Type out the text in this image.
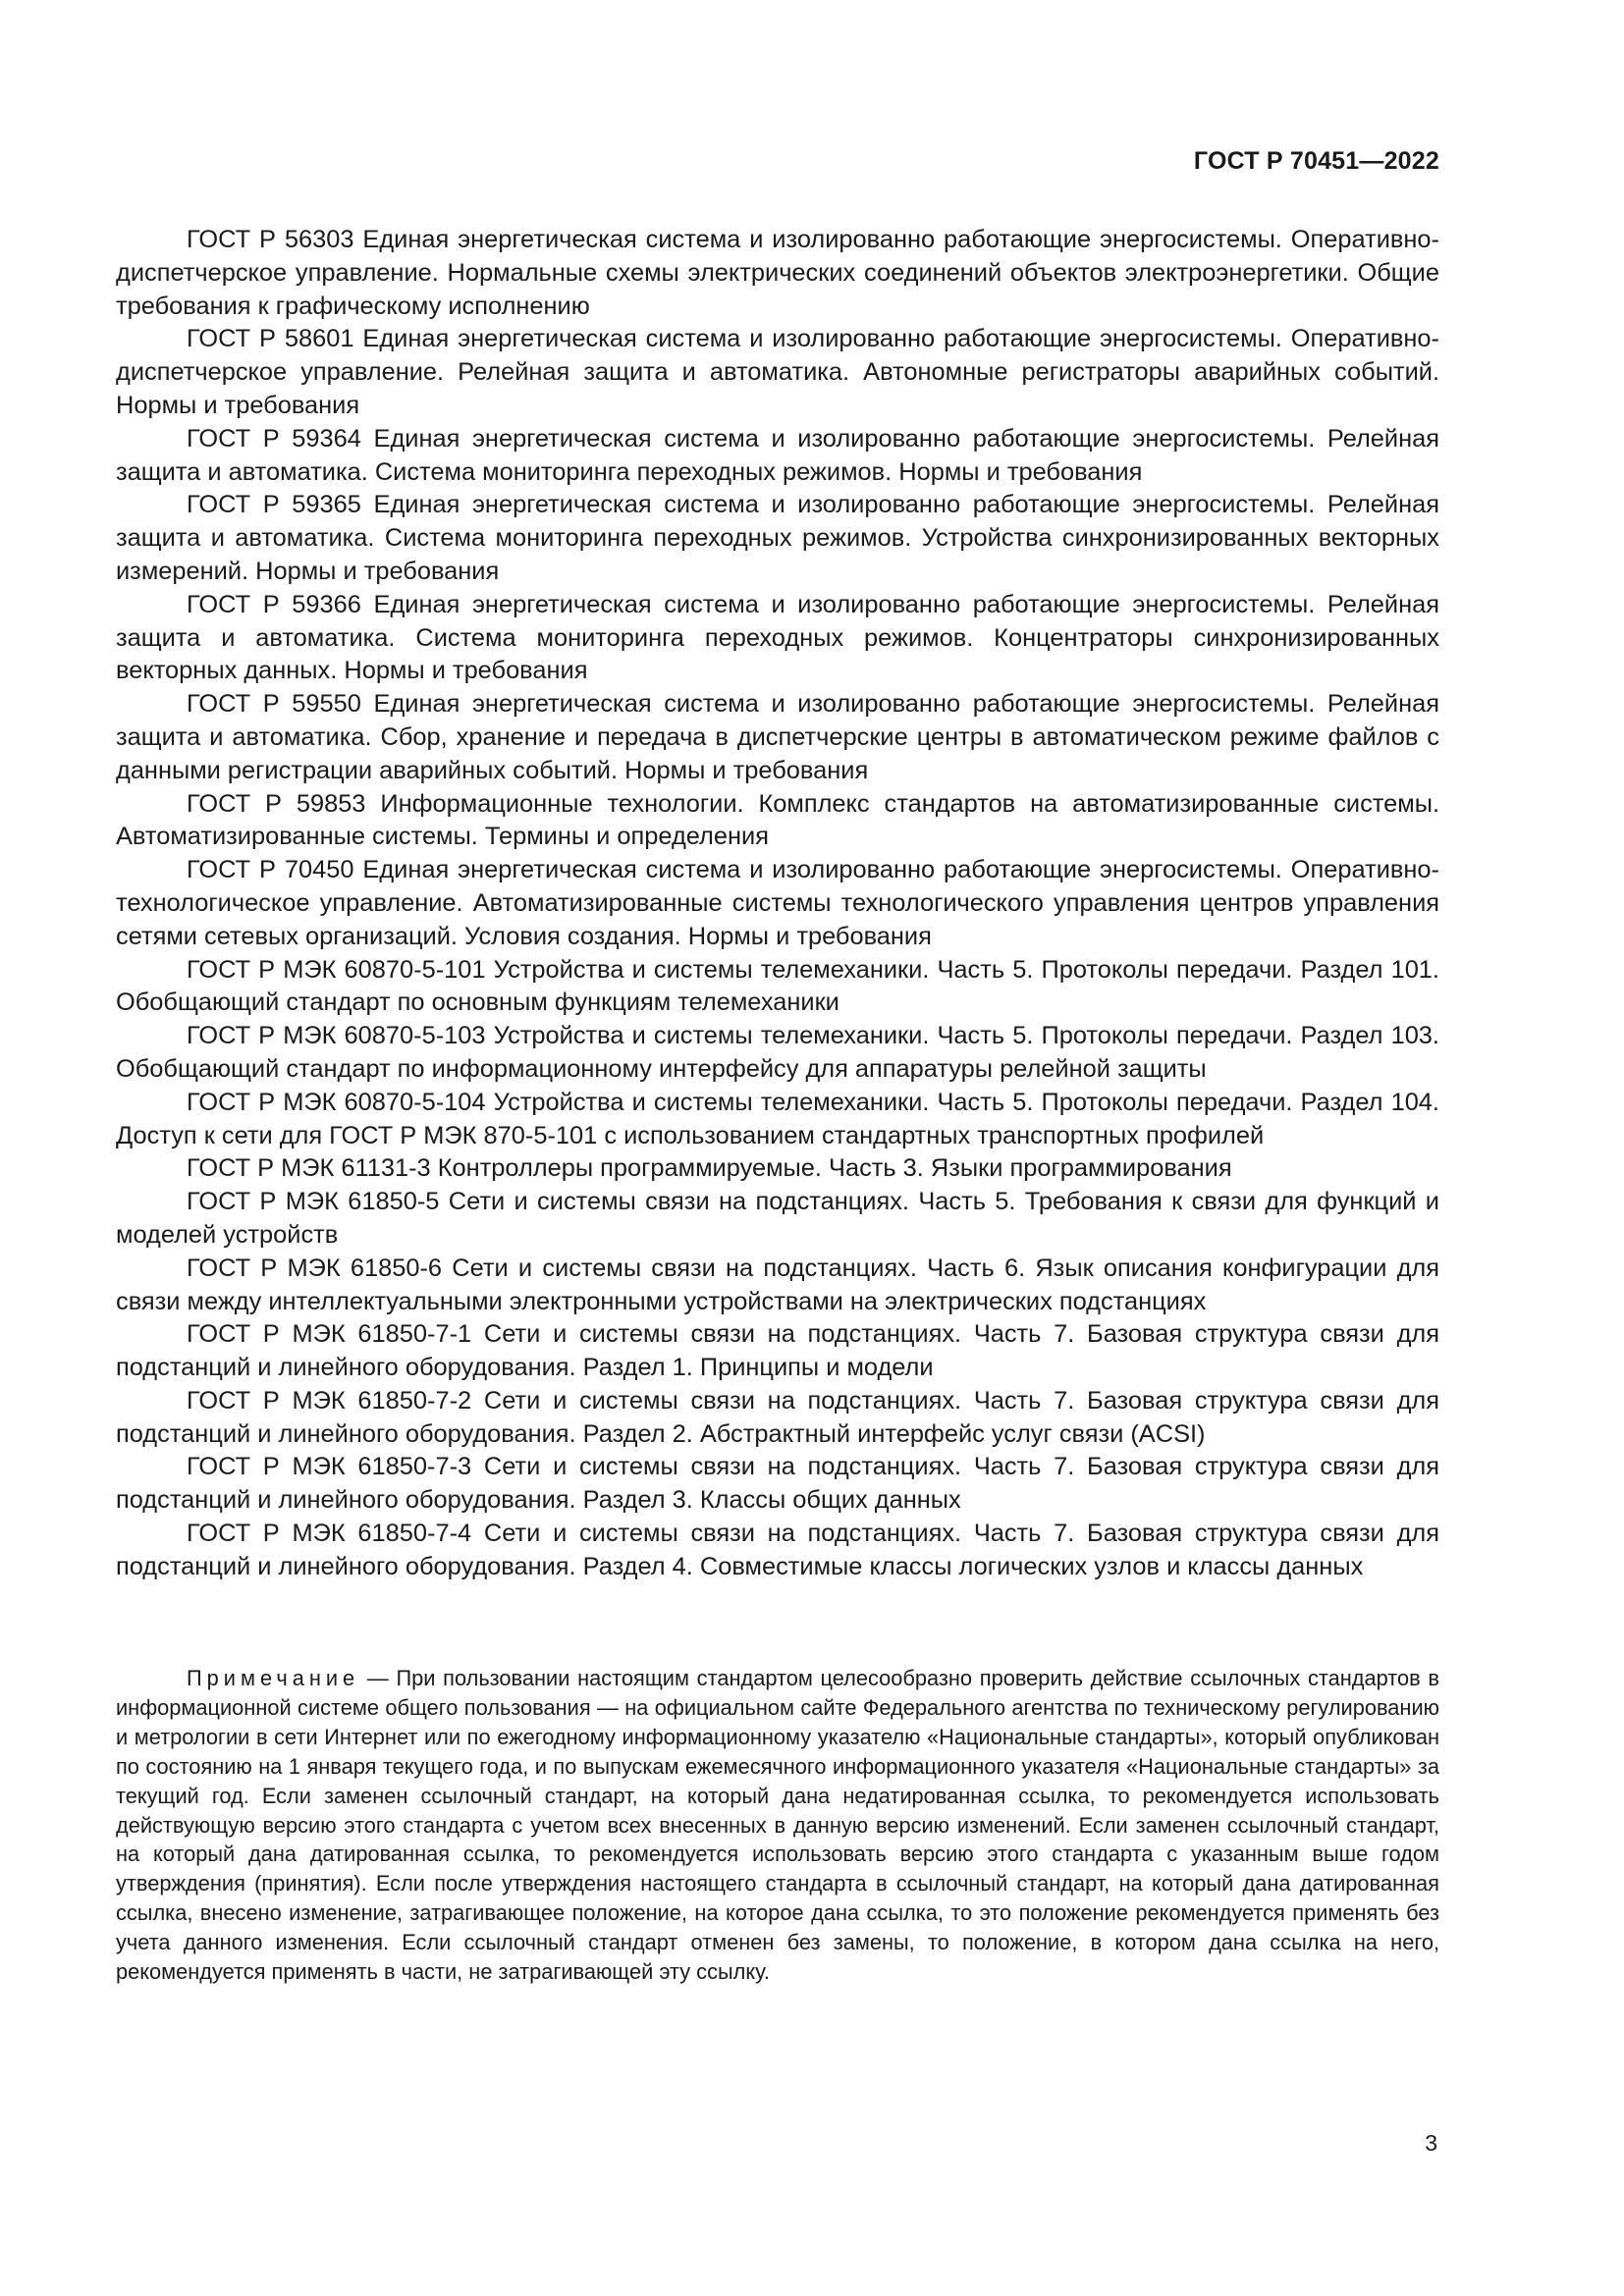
ГОСТ Р 70451—2022

ГОСТ Р 56303 Единая энергетическая система и изолированно работающие энергосистемы. Оперативно-диспетчерское управление. Нормальные схемы электрических соединений объектов электроэнергетики. Общие требования к графическому исполнению

ГОСТ Р 58601 Единая энергетическая система и изолированно работающие энергосистемы. Оперативно-диспетчерское управление. Релейная защита и автоматика. Автономные регистраторы аварийных событий. Нормы и требования

ГОСТ Р 59364 Единая энергетическая система и изолированно работающие энергосистемы. Релейная защита и автоматика. Система мониторинга переходных режимов. Нормы и требования

ГОСТ Р 59365 Единая энергетическая система и изолированно работающие энергосистемы. Релейная защита и автоматика. Система мониторинга переходных режимов. Устройства синхронизированных векторных измерений. Нормы и требования

ГОСТ Р 59366 Единая энергетическая система и изолированно работающие энергосистемы. Релейная защита и автоматика. Система мониторинга переходных режимов. Концентраторы синхронизированных векторных данных. Нормы и требования

ГОСТ Р 59550 Единая энергетическая система и изолированно работающие энергосистемы. Релейная защита и автоматика. Сбор, хранение и передача в диспетчерские центры в автоматическом режиме файлов с данными регистрации аварийных событий. Нормы и требования

ГОСТ Р 59853 Информационные технологии. Комплекс стандартов на автоматизированные системы. Автоматизированные системы. Термины и определения

ГОСТ Р 70450 Единая энергетическая система и изолированно работающие энергосистемы. Оперативно-технологическое управление. Автоматизированные системы технологического управления центров управления сетями сетевых организаций. Условия создания. Нормы и требования

ГОСТ Р МЭК 60870-5-101 Устройства и системы телемеханики. Часть 5. Протоколы передачи. Раздел 101. Обобщающий стандарт по основным функциям телемеханики

ГОСТ Р МЭК 60870-5-103 Устройства и системы телемеханики. Часть 5. Протоколы передачи. Раздел 103. Обобщающий стандарт по информационному интерфейсу для аппаратуры релейной защиты

ГОСТ Р МЭК 60870-5-104 Устройства и системы телемеханики. Часть 5. Протоколы передачи. Раздел 104. Доступ к сети для ГОСТ Р МЭК 870-5-101 с использованием стандартных транспортных профилей

ГОСТ Р МЭК 61131-3 Контроллеры программируемые. Часть 3. Языки программирования

ГОСТ Р МЭК 61850-5 Сети и системы связи на подстанциях. Часть 5. Требования к связи для функций и моделей устройств

ГОСТ Р МЭК 61850-6 Сети и системы связи на подстанциях. Часть 6. Язык описания конфигурации для связи между интеллектуальными электронными устройствами на электрических подстанциях

ГОСТ Р МЭК 61850-7-1 Сети и системы связи на подстанциях. Часть 7. Базовая структура связи для подстанций и линейного оборудования. Раздел 1. Принципы и модели

ГОСТ Р МЭК 61850-7-2 Сети и системы связи на подстанциях. Часть 7. Базовая структура связи для подстанций и линейного оборудования. Раздел 2. Абстрактный интерфейс услуг связи (ACSI)

ГОСТ Р МЭК 61850-7-3 Сети и системы связи на подстанциях. Часть 7. Базовая структура связи для подстанций и линейного оборудования. Раздел 3. Классы общих данных

ГОСТ Р МЭК 61850-7-4 Сети и системы связи на подстанциях. Часть 7. Базовая структура связи для подстанций и линейного оборудования. Раздел 4. Совместимые классы логических узлов и классы данных

Примечание — При пользовании настоящим стандартом целесообразно проверить действие ссылочных стандартов в информационной системе общего пользования — на официальном сайте Федерального агентства по техническому регулированию и метрологии в сети Интернет или по ежегодному информационному указателю «Национальные стандарты», который опубликован по состоянию на 1 января текущего года, и по выпускам ежемесячного информационного указателя «Национальные стандарты» за текущий год. Если заменен ссылочный стандарт, на который дана недатированная ссылка, то рекомендуется использовать действующую версию этого стандарта с учетом всех внесенных в данную версию изменений. Если заменен ссылочный стандарт, на который дана датированная ссылка, то рекомендуется использовать версию этого стандарта с указанным выше годом утверждения (принятия). Если после утверждения настоящего стандарта в ссылочный стандарт, на который дана датированная ссылка, внесено изменение, затрагивающее положение, на которое дана ссылка, то это положение рекомендуется применять без учета данного изменения. Если ссылочный стандарт отменен без замены, то положение, в котором дана ссылка на него, рекомендуется применять в части, не затрагивающей эту ссылку.

3
